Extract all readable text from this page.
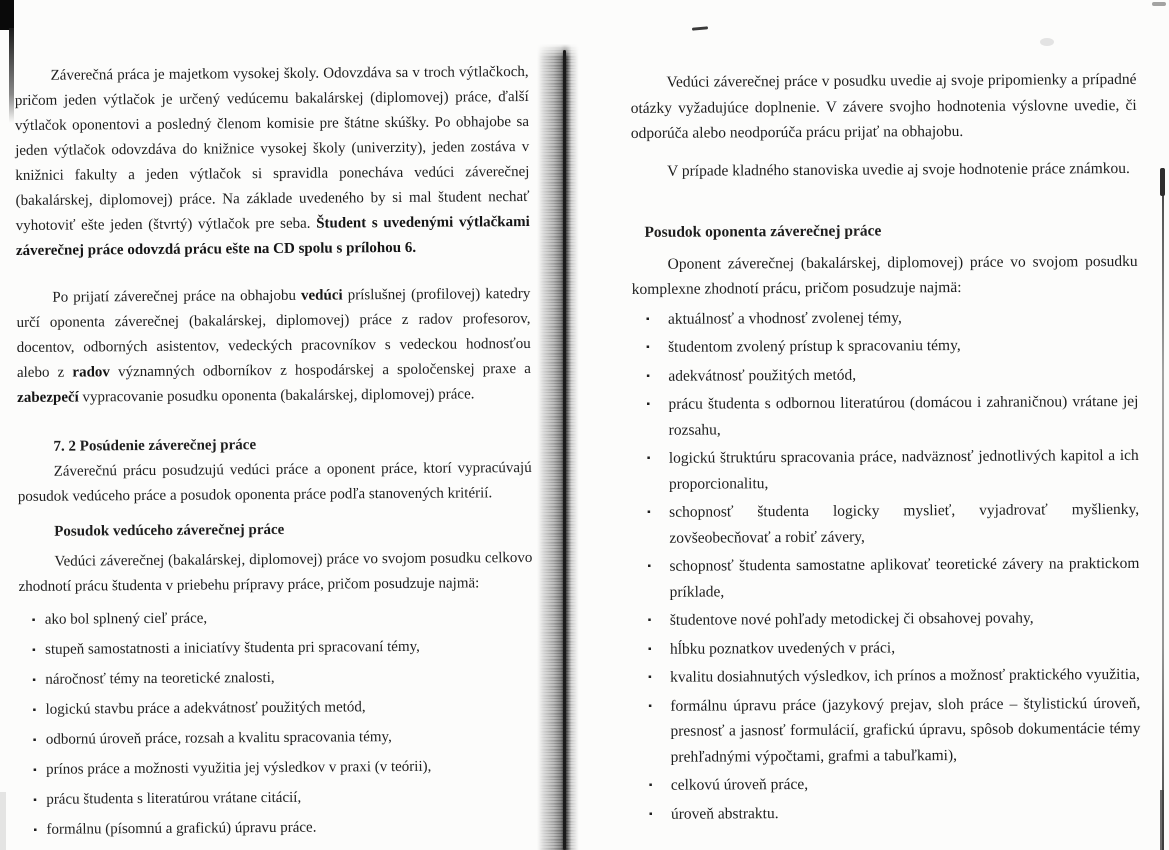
Záverečná práca je majetkom vysokej školy. Odovzdáva sa v troch výtlačkoch, pričom jeden výtlačok je určený vedúcemu bakalárskej (diplomovej) práce, ďalší výtlačok oponentovi a posledný členom komisie pre štátne skúšky. Po obhajobe sa jeden výtlačok odovzdáva do knižnice vysokej školy (univerzity), jeden zostáva v knižnici fakulty a jeden výtlačok si spravidla ponecháva vedúci záverečnej (bakalárskej, diplomovej) práce. Na základe uvedeného by si mal študent nechať vyhotoviť ešte jeden (štvrtý) výtlačok pre seba. Študent s uvedenými výtlačkami záverečnej práce odovzdá prácu ešte na CD spolu s prílohou 6.

Po prijatí záverečnej práce na obhajobu vedúci príslušnej (profilovej) katedry určí oponenta záverečnej (bakalárskej, diplomovej) práce z radov profesorov, docentov, odborných asistentov, vedeckých pracovníkov s vedeckou hodnosťou alebo z radov významných odborníkov z hospodárskej a spoločenskej praxe a zabezpečí vypracovanie posudku oponenta (bakalárskej, diplomovej) práce.

7. 2 Posúdenie záverečnej práce

Záverečnú prácu posudzujú vedúci práce a oponent práce, ktorí vypracúvajú posudok vedúceho práce a posudok oponenta práce podľa stanovených kritérií.

Posudok vedúceho záverečnej práce

Vedúci záverečnej (bakalárskej, diplomovej) práce vo svojom posudku celkovo zhodnotí prácu študenta v priebehu prípravy práce, pričom posudzuje najmä:

▪ ako bol splnený cieľ práce,
▪ stupeň samostatnosti a iniciatívy študenta pri spracovaní témy,
▪ náročnosť témy na teoretické znalosti,
▪ logickú stavbu práce a adekvátnosť použitých metód,
▪ odbornú úroveň práce, rozsah a kvalitu spracovania témy,
▪ prínos práce a možnosti využitia jej výsledkov v praxi (v teórii),
▪ prácu študenta s literatúrou vrátane citácií,
▪ formálnu (písomnú a grafickú) úpravu práce.

Vedúci záverečnej práce v posudku uvedie aj svoje pripomienky a prípadné otázky vyžadujúce doplnenie. V závere svojho hodnotenia výslovne uvedie, či odporúča alebo neodporúča prácu prijať na obhajobu.

V prípade kladného stanoviska uvedie aj svoje hodnotenie práce známkou.

Posudok oponenta záverečnej práce

Oponent záverečnej (bakalárskej, diplomovej) práce vo svojom posudku komplexne zhodnotí prácu, pričom posudzuje najmä:

▪ aktuálnosť a vhodnosť zvolenej témy,
▪ študentom zvolený prístup k spracovaniu témy,
▪ adekvátnosť použitých metód,
▪ prácu študenta s odbornou literatúrou (domácou i zahraničnou) vrátane jej rozsahu,
▪ logickú štruktúru spracovania práce, nadväznosť jednotlivých kapitol a ich proporcionalitu,
▪ schopnosť študenta logicky myslieť, vyjadrovať myšlienky, zovšeobecňovať a robiť závery,
▪ schopnosť študenta samostatne aplikovať teoretické závery na praktickom príklade,
▪ študentove nové pohľady metodickej či obsahovej povahy,
▪ hĺbku poznatkov uvedených v práci,
▪ kvalitu dosiahnutých výsledkov, ich prínos a možnosť praktického využitia,
▪ formálnu úpravu práce (jazykový prejav, sloh práce – štylistickú úroveň, presnosť a jasnosť formulácií, grafickú úpravu, spôsob dokumentácie témy prehľadnými výpočtami, grafmi a tabuľkami),
▪ celkovú úroveň práce,
▪ úroveň abstraktu.
